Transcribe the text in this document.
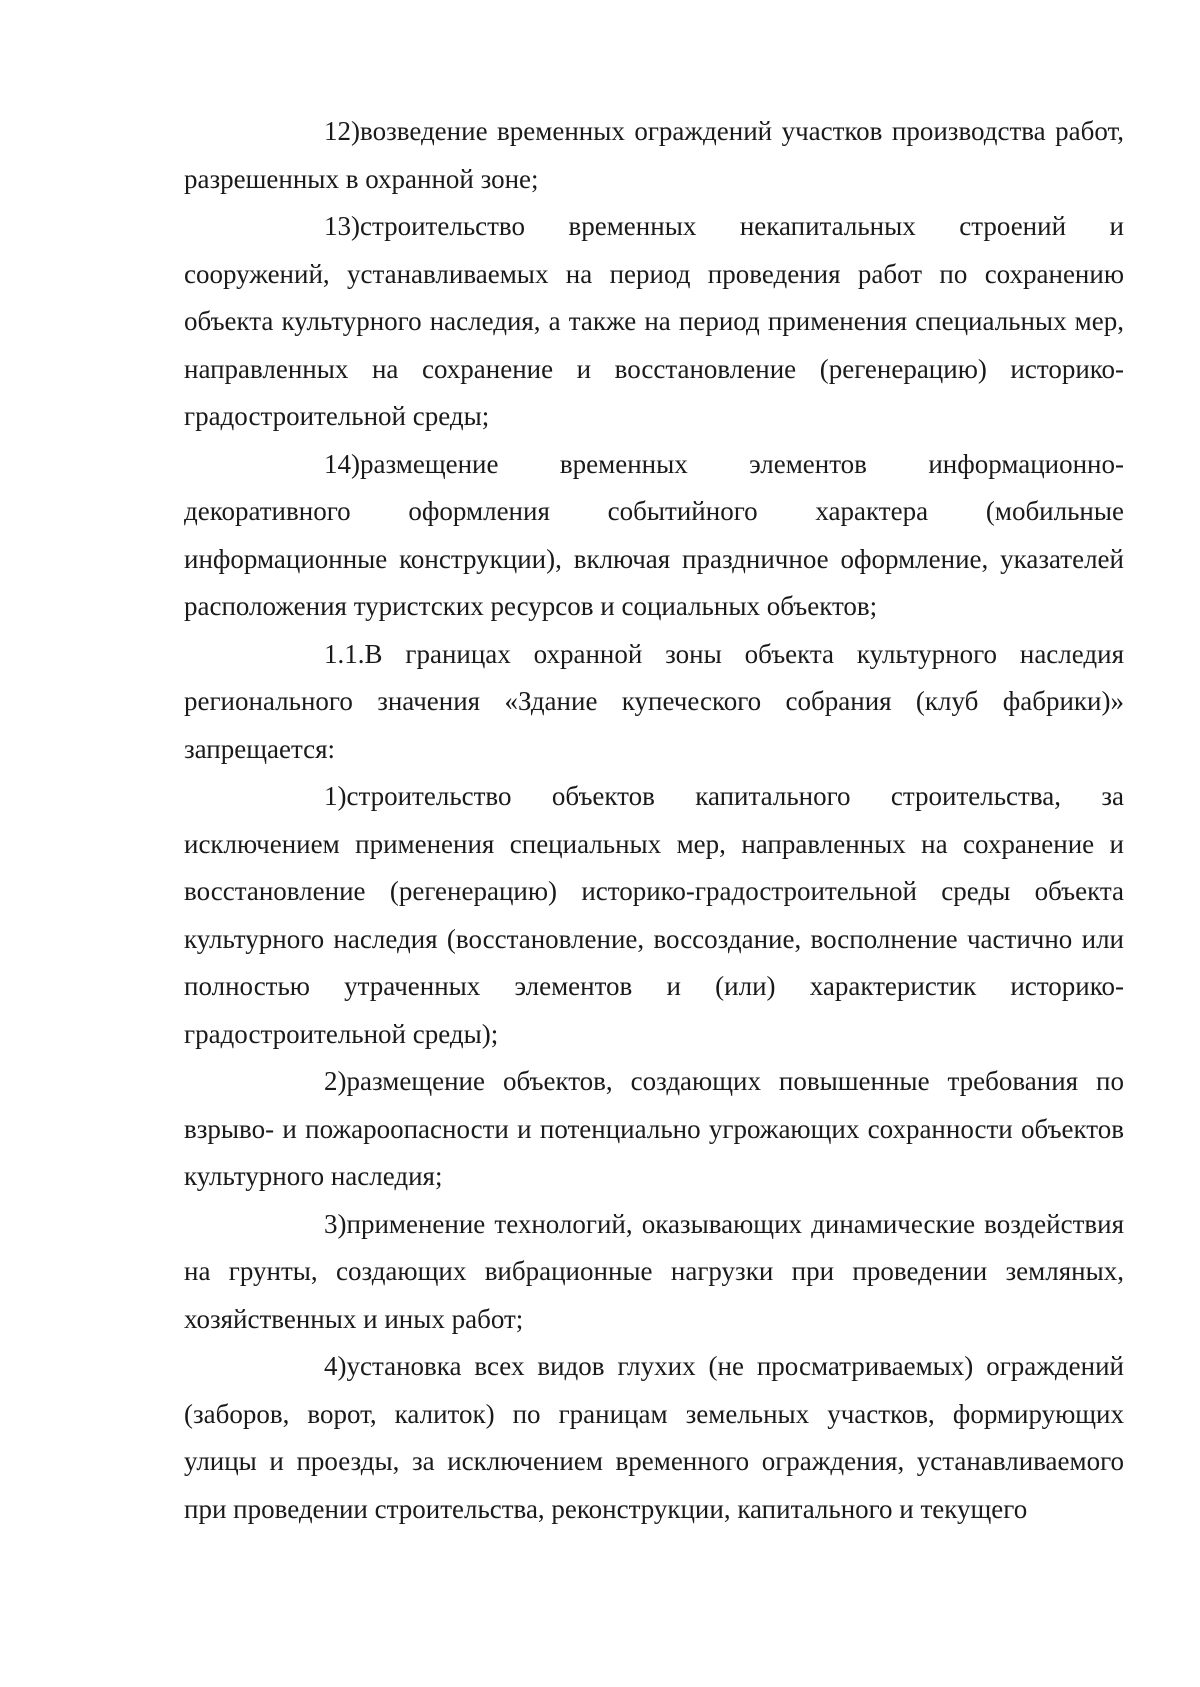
12)возведение временных ограждений участков производства работ, разрешенных в охранной зоне;

13)строительство временных некапитальных строений и сооружений, устанавливаемых на период проведения работ по сохранению объекта культурного наследия, а также на период применения специальных мер, направленных на сохранение и восстановление (регенерацию) историко-градостроительной среды;

14)размещение временных элементов информационно-декоративного оформления событийного характера (мобильные информационные конструкции), включая праздничное оформление, указателей расположения туристских ресурсов и социальных объектов;

1.1.В границах охранной зоны объекта культурного наследия регионального значения «Здание купеческого собрания (клуб фабрики)» запрещается:

1)строительство объектов капитального строительства, за исключением применения специальных мер, направленных на сохранение и восстановление (регенерацию) историко-градостроительной среды объекта культурного наследия (восстановление, воссоздание, восполнение частично или полностью утраченных элементов и (или) характеристик историко-градостроительной среды);

2)размещение объектов, создающих повышенные требования по взрыво- и пожароопасности и потенциально угрожающих сохранности объектов культурного наследия;

3)применение технологий, оказывающих динамические воздействия на грунты, создающих вибрационные нагрузки при проведении земляных, хозяйственных и иных работ;

4)установка всех видов глухих (не просматриваемых) ограждений (заборов, ворот, калиток) по границам земельных участков, формирующих улицы и проезды, за исключением временного ограждения, устанавливаемого при проведении строительства, реконструкции, капитального и текущего
